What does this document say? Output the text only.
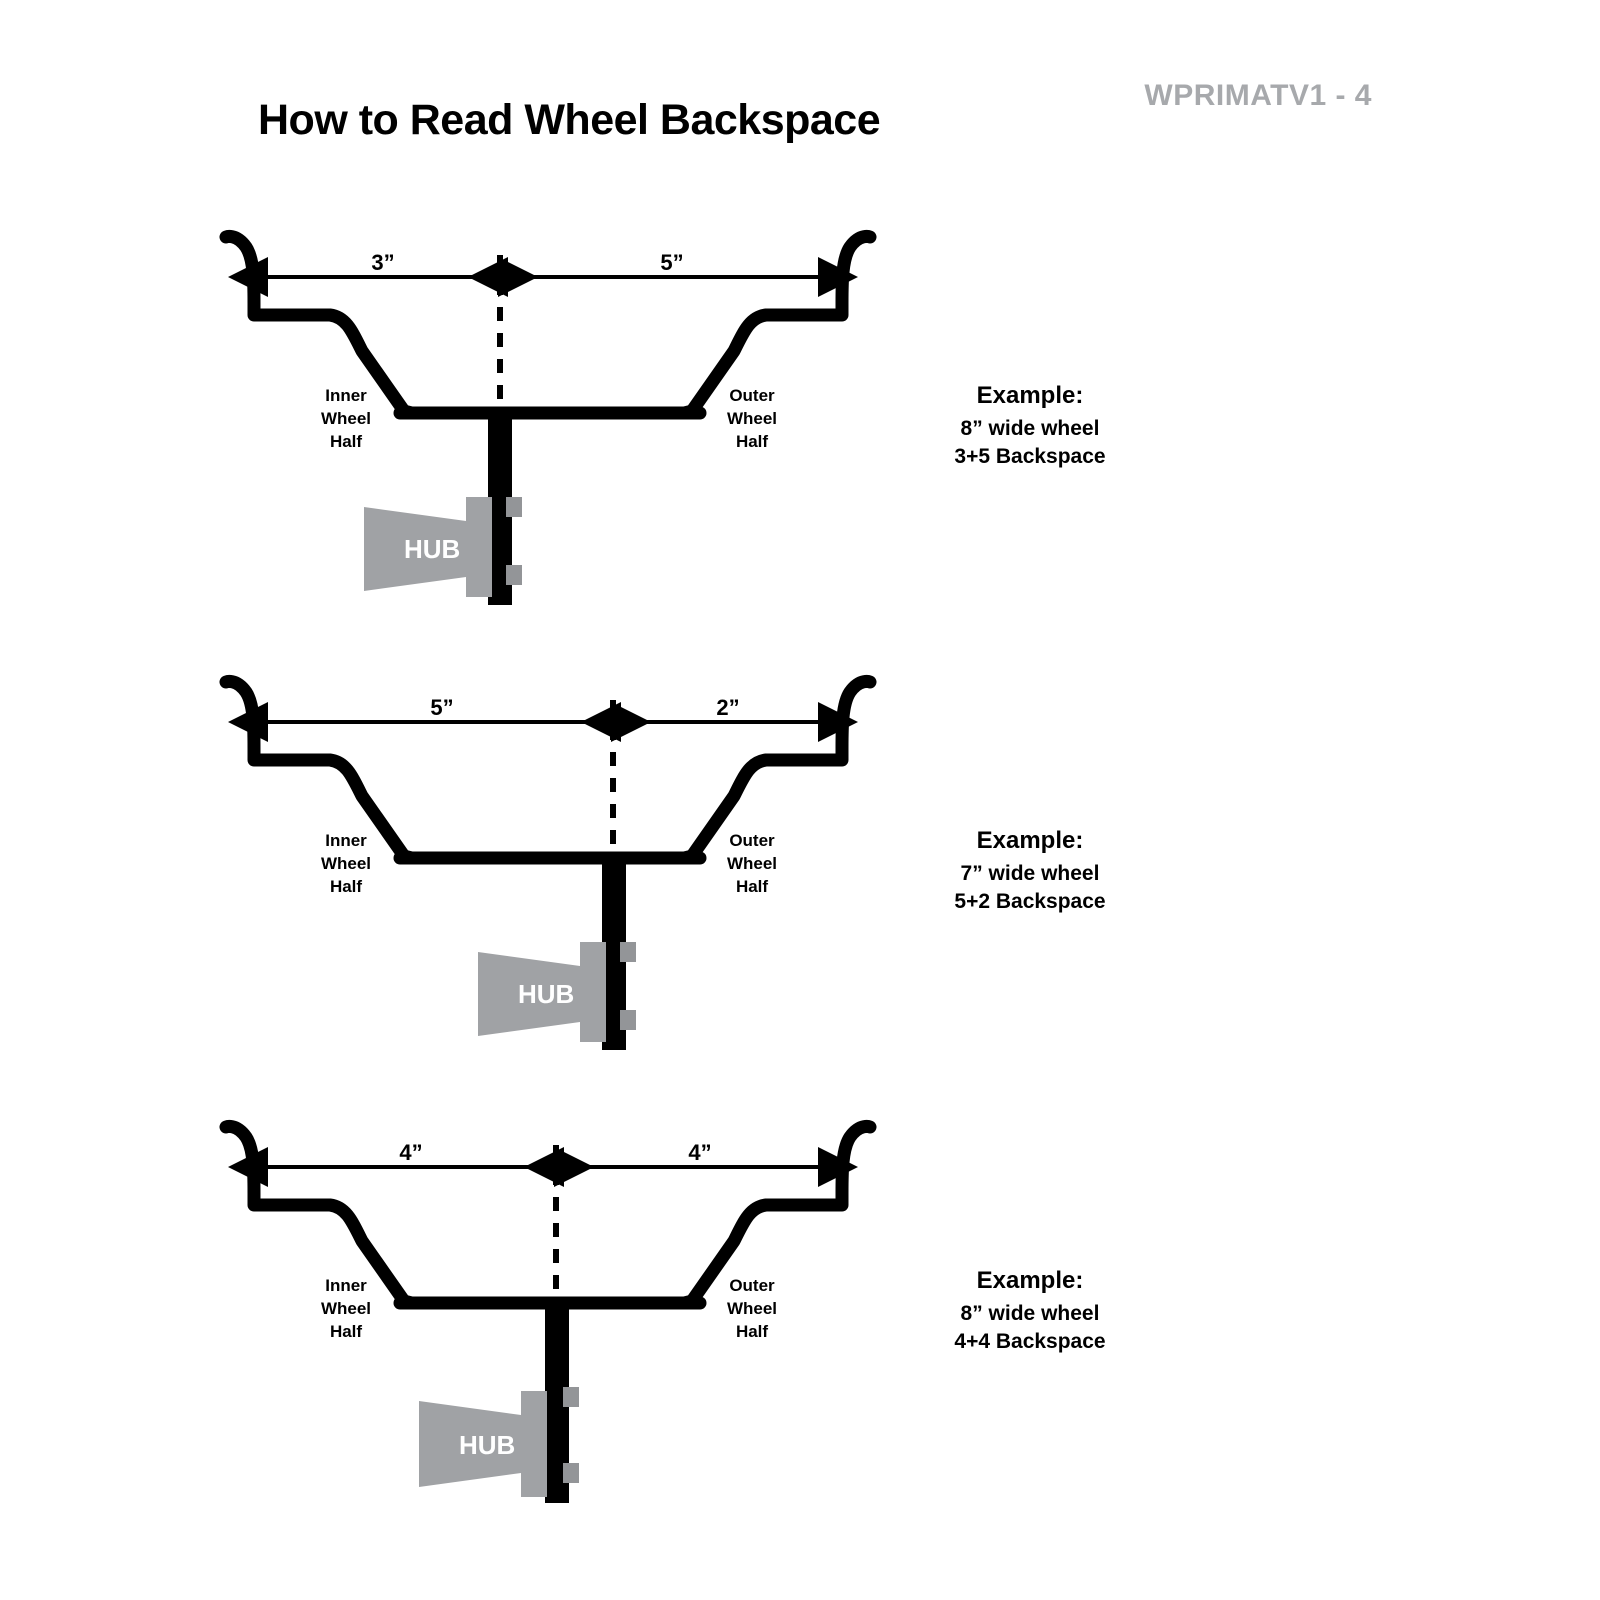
How to Read Wheel Backspace
WPRIMATV1 - 4
3”	5”
Inner
Wheel
Half
Outer
Wheel
Half
HUB
Example:
8” wide wheel
3+5 Backspace
5”	2”
Inner
Wheel
Half
Outer
Wheel
Half
HUB
Example:
7” wide wheel
5+2 Backspace
4”	4”
Inner
Wheel
Half
Outer
Wheel
Half
HUB
Example:
8” wide wheel
4+4 Backspace
